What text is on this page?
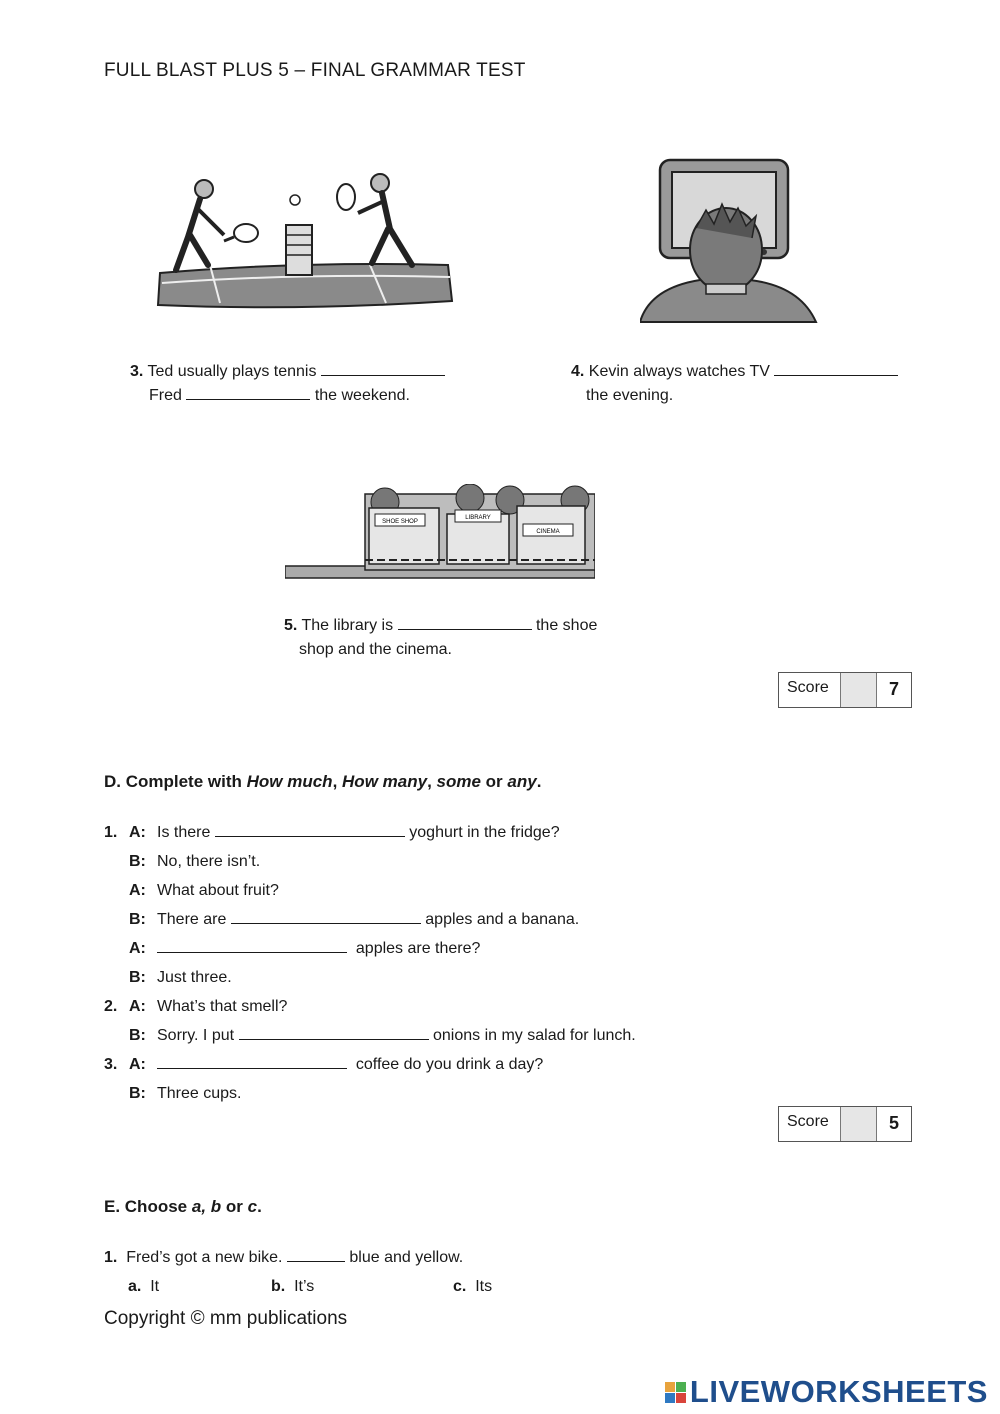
FULL BLAST PLUS 5 – FINAL GRAMMAR TEST
3. Ted usually plays tennis
Fred	the weekend.
4. Kevin always watches TV
the evening.
SHOE SHOP
LIBRARY
CINEMA
5. The library is	the shoe
shop and the cinema.
Score	7
D. Complete with How much, How many, some or any.
1. A: Is there	yoghurt in the fridge?
B: No, there isn’t.
A: What about fruit?
B: There are	apples and a banana.
A:	apples are there?
B: Just three.
2. A: What’s that smell?
B: Sorry. I put	onions in my salad for lunch.
3. A:	coffee do you drink a day?
B: Three cups.
Score	5
E. Choose a, b or c.
1. Fred’s got a new bike.	blue and yellow.
a. It	b. It’s	c. Its
Copyright © mm publications
LIVEWORKSHEETS
